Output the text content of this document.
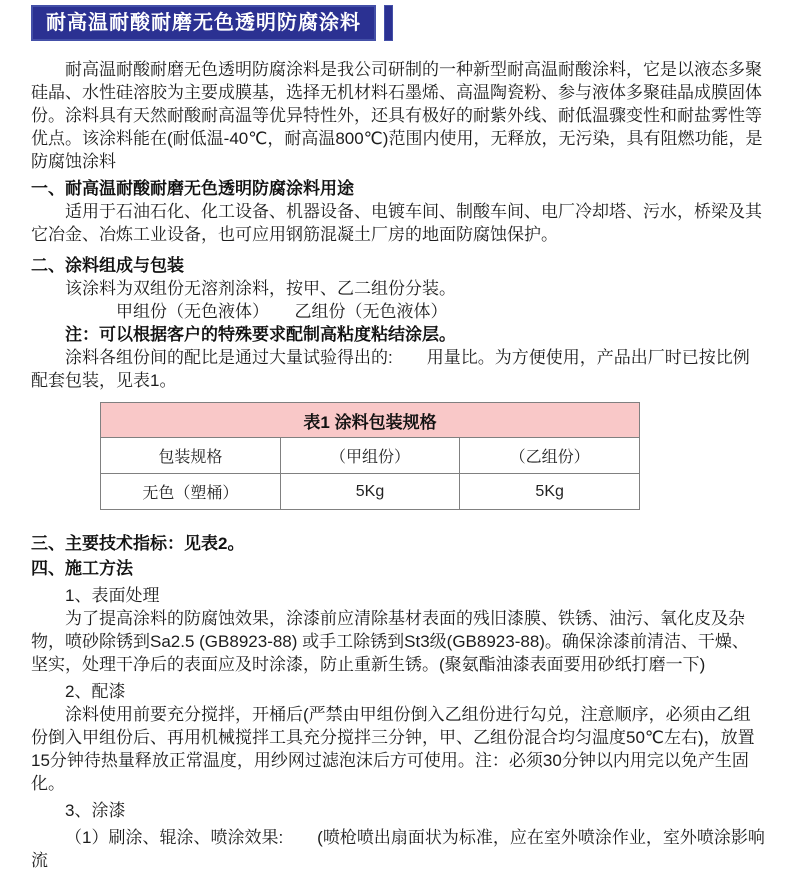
耐高温耐酸耐磨无色透明防腐涂料

耐高温耐酸耐磨无色透明防腐涂料是我公司研制的一种新型耐高温耐酸涂料，它是以液态多聚硅晶、水性硅溶胶为主要成膜基，选择无机材料石墨烯、高温陶瓷粉、参与液体多聚硅晶成膜固体份。涂料具有天然耐酸耐高温等优异特性外，还具有极好的耐紫外线、耐低温骤变性和耐盐雾性等优点。该涂料能在(耐低温-40℃，耐高温800℃)范围内使用，无释放，无污染，具有阻燃功能，是防腐蚀涂料

一、耐高温耐酸耐磨无色透明防腐涂料用途

适用于石油石化、化工设备、机器设备、电镀车间、制酸车间、电厂冷却塔、污水，桥梁及其它冶金、冶炼工业设备，也可应用钢筋混凝土厂房的地面防腐蚀保护。

二、涂料组成与包装

该涂料为双组份无溶剂涂料，按甲、乙二组份分装。

甲组份（无色液体）　　乙组份（无色液体）

注：可以根据客户的特殊要求配制高粘度粘结涂层。

涂料各组份间的配比是通过大量试验得出的:　　用量比。为方便使用，产品出厂时已按比例配套包装，见表1。

表1 涂料包装规格		
包装规格	（甲组份）	（乙组份）
无色（塑桶）	5Kg	5Kg

三、主要技术指标：见表2。

四、施工方法

1、表面处理

为了提高涂料的防腐蚀效果，涂漆前应清除基材表面的残旧漆膜、铁锈、油污、氧化皮及杂物，喷砂除锈到Sa2.5 (GB8923-88) 或手工除锈到St3级(GB8923-88)。确保涂漆前清洁、干燥、坚实，处理干净后的表面应及时涂漆，防止重新生锈。(聚氨酯油漆表面要用砂纸打磨一下)

2、配漆

涂料使用前要充分搅拌，开桶后(严禁由甲组份倒入乙组份进行勾兑，注意顺序，必须由乙组份倒入甲组份后、再用机械搅拌工具充分搅拌三分钟，甲、乙组份混合均匀温度50℃左右)，放置15分钟待热量释放正常温度，用纱网过滤泡沫后方可使用。注：必须30分钟以内用完以免产生固化。

3、涂漆

（1）刷涂、辊涂、喷涂效果:　　(喷枪喷出扇面状为标准，应在室外喷涂作业，室外喷涂影响流
